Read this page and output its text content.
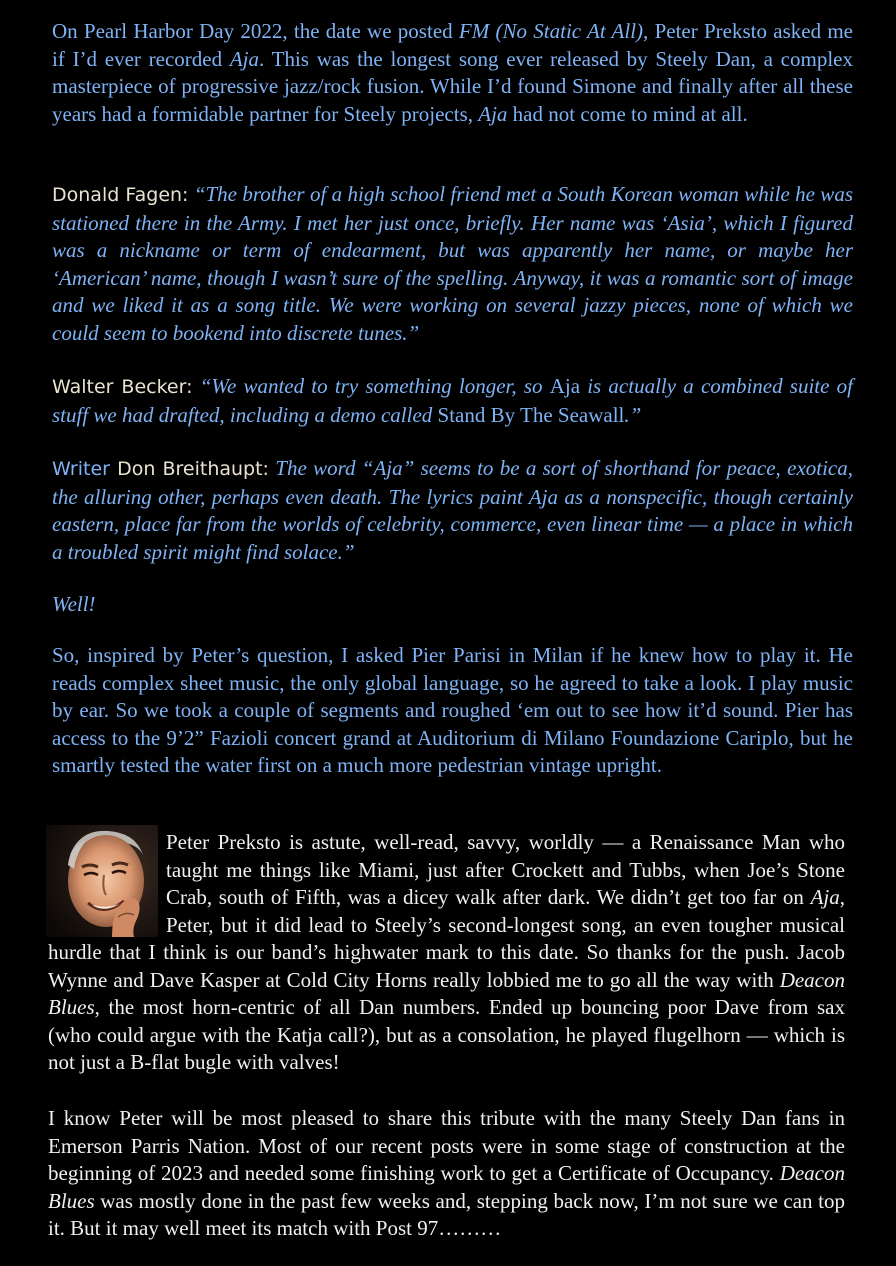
On Pearl Harbor Day 2022, the date we posted FM (No Static At All), Peter Preksto asked me if I’d ever recorded Aja. This was the longest song ever released by Steely Dan, a complex masterpiece of progressive jazz/rock fusion. While I’d found Simone and finally after all these years had a formidable partner for Steely projects, Aja had not come to mind at all.

Donald Fagen: “The brother of a high school friend met a South Korean woman while he was stationed there in the Army. I met her just once, briefly. Her name was ‘Asia’, which I figured was a nickname or term of endearment, but was apparently her name, or maybe her ‘American’ name, though I wasn’t sure of the spelling. Anyway, it was a romantic sort of image and we liked it as a song title. We were working on several jazzy pieces, none of which we could seem to bookend into discrete tunes.”

Walter Becker: “We wanted to try something longer, so Aja is actually a combined suite of stuff we had drafted, including a demo called Stand By The Seawall.”

Writer Don Breithaupt: The word “Aja” seems to be a sort of shorthand for peace, exotica, the alluring other, perhaps even death. The lyrics paint Aja as a nonspecific, though certainly eastern, place far from the worlds of celebrity, commerce, even linear time — a place in which a troubled spirit might find solace.”

Well!

So, inspired by Peter’s question, I asked Pier Parisi in Milan if he knew how to play it. He reads complex sheet music, the only global language, so he agreed to take a look. I play music by ear. So we took a couple of segments and roughed ‘em out to see how it’d sound. Pier has access to the 9’2” Fazioli concert grand at Auditorium di Milano Foundazione Cariplo, but he smartly tested the water first on a much more pedestrian vintage upright.

Peter Preksto is astute, well-read, savvy, worldly — a Renaissance Man who taught me things like Miami, just after Crockett and Tubbs, when Joe’s Stone Crab, south of Fifth, was a dicey walk after dark. We didn’t get too far on Aja, Peter, but it did lead to Steely’s second-longest song, an even tougher musical hurdle that I think is our band’s highwater mark to this date. So thanks for the push. Jacob Wynne and Dave Kasper at Cold City Horns really lobbied me to go all the way with Deacon Blues, the most horn-centric of all Dan numbers. Ended up bouncing poor Dave from sax (who could argue with the Katja call?), but as a consolation, he played flugelhorn — which is not just a B-flat bugle with valves!

I know Peter will be most pleased to share this tribute with the many Steely Dan fans in Emerson Parris Nation. Most of our recent posts were in some stage of construction at the beginning of 2023 and needed some finishing work to get a Certificate of Occupancy. Deacon Blues was mostly done in the past few weeks and, stepping back now, I’m not sure we can top it. But it may well meet its match with Post 97………
